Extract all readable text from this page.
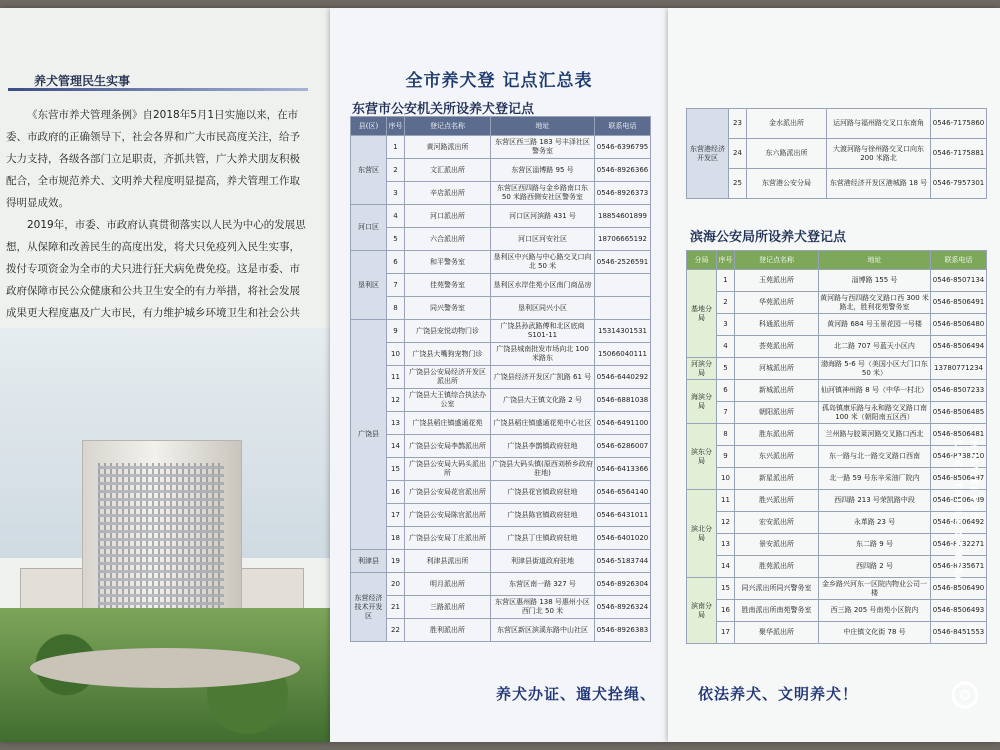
养犬管理民生实事

《东营市养犬管理条例》自2018年5月1日实施以来，在市委、市政府的正确领导下，社会各界和广大市民高度关注，给予大力支持，各级各部门立足职责，齐抓共管，广大养犬朋友积极配合，全市规范养犬、文明养犬程度明显提高，养犬管理工作取得明显成效。

2019年，市委、市政府认真贯彻落实以人民为中心的发展思想，从保障和改善民生的高度出发，将犬只免疫列入民生实事，拨付专项资金为全市的犬只进行狂犬病免费免疫。这是市委、市政府保障市民公众健康和公共卫生安全的有力举措，将社会发展成果更大程度惠及广大市民，有力维护城乡环境卫生和社会公共

全市养犬登 记点汇总表
东营市公安机关所设养犬登记点
县(区)	序号	登记点名称	地址	联系电话
东营区	1	黄河路派出所	东营区西三路 183 号丰泽社区警务室	0546-6396795
	2	文汇派出所	东营区淄博路 95 号	0546-8926366
	3	辛店派出所	东营区西四路与金乡路南口东 50 米路西侧安社区警务室	0546-8926373
河口区	4	河口派出所	河口区河滨路 431 号	18854601899
	5	六合派出所	河口区河安社区	18706665192
垦利区	6	和平警务室	垦利区中兴路与中心路交叉口向北 50 米	0546-2526591
	7	佳苑警务室	垦利区水岸佳苑小区南门商品房	
	8	同兴警务室	垦利区同兴小区	
广饶县	9	广饶县宠悦动物门诊	广饶县孙武路傅和北区底商 S101-11	15314301531
	10	广饶县大嘴狗宠物门诊	广饶县城南批发市场向北 100 米路东	15066040111
	11	广饶县公安局经济开发区派出所	广饶县经济开发区广凯路 61 号	0546-6440292
	12	广饶县大王镇综合执法办公室	广饶县大王镇文化路 2 号	0546-6881038
	13	广饶县稻庄镇盛通花苑	广饶县稻庄镇盛通花苑中心社区	0546-6491100
	14	广饶县公安局李鹊派出所	广饶县李鹊镇政府驻地	0546-6286007
	15	广饶县公安局大码头派出所	广饶县大码头镇(原西刘桥乡政府驻地)	0546-6413366
	16	广饶县公安局花官派出所	广饶县花官镇政府驻地	0546-6564140
	17	广饶县公安局陈官派出所	广饶县陈官镇政府驻地	0546-6431011
	18	广饶县公安局丁庄派出所	广饶县丁庄镇政府驻地	0546-6401020
利津县	19	利津县派出所	利津县街道政府驻地	0546-5183744
东营经济技术开发区	20	明月派出所	东营区南一路 327 号	0546-8926304
	21	三路派出所	东营区惠州路 138 号惠州小区西门北 50 米	0546-8926324
	22	胜利派出所	东营区新区滨溪东路中山社区	0546-8926383
养犬办证、遛犬拴绳、
东营港经济开发区	23	金水派出所	运河路与福州路交叉口东南角	0546-7175860
	24	东六路派出所	大渡河路与徐州路交叉口向东 200 米路北	0546-7175881
	25	东营港公安分局	东营港经济开发区港城路 18 号	0546-7957301
滨海公安局所设养犬登记点
分局	序号	登记点名称	地址	联系电话
基地分局	1	玉苑派出所	淄博路 155 号	0546-8507134
	2	华苑派出所	黄河路与西四路交叉路口西 300 米路北，胜利花苑警务室	0546-8506491
	3	科通派出所	黄河路 684 号玉景花园一号楼	0546-8506480
	4	荟苑派出所	北二路 707 号蓝天小区内	0546-8506494
河滨分局	5	河城派出所	渤海路 5-6 号（美国小区大门口东 50 米）	13780771234
海滨分局	6	新城派出所	仙河镇神州路 8 号（中华一村北）	0546-8507233
	7	朝阳派出所	孤岛镇康乐路与永和路交叉路口南 100 米（朝阳南五区西）	0546-8506485
滨东分局	8	胜东派出所	兰州路与胶莱河路交叉路口西北	0546-8506481
	9	东兴派出所	东一路与北一路交叉路口西南	0546-8738710
	10	新星派出所	北一路 59 号东辛采油厂院内	0546-8506497
滨北分局	11	胜兴派出所	西四路 213 号荣凯路中段	0546-8506489
	12	宏安派出所	永革路 23 号	0546-8506492
	13	景安派出所	东二路 9 号	0546-8732271
	14	胜苑派出所	西四路 2 号	0546-8735671
滨南分局	15	同兴派出所同兴警务室	金乡路兴河东一区院内物业公司一楼	0546-8506490
	16	胜南派出所南苑警务室	西三路 205 号南苑小区院内	0546-8506493
	17	聚华派出所	中庄镇文化街 78 号	0546-8451553
依法养犬、文明养犬！
HUAWEI P20
LEICA TRIPLE CAMERA
